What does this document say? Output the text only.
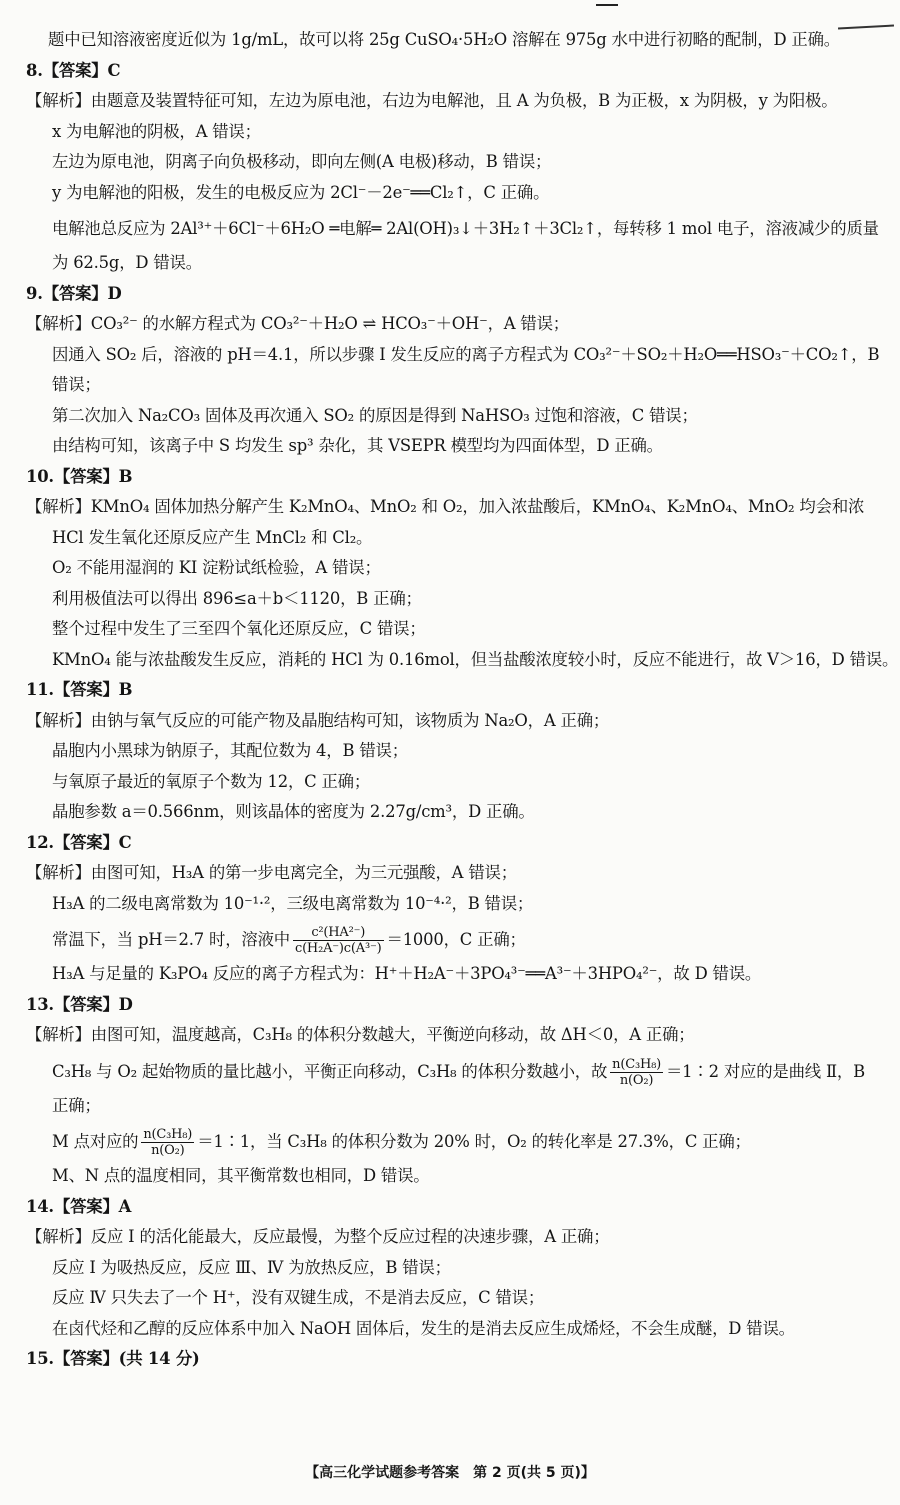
题中已知溶液密度近似为 1g/mL，故可以将 25g CuSO₄·5H₂O 溶解在 975g 水中进行初略的配制，D 正确。
8.【答案】C
【解析】由题意及装置特征可知，左边为原电池，右边为电解池，且 A 为负极，B 为正极，x 为阴极，y 为阳极。
x 为电解池的阴极，A 错误；
左边为原电池，阴离子向负极移动，即向左侧(A 电极)移动，B 错误；
y 为电解池的阳极，发生的电极反应为 2Cl⁻－2e⁻══Cl₂↑，C 正确。
电解池总反应为 2Al³⁺＋6Cl⁻＋6H₂O ═电解═ 2Al(OH)₃↓＋3H₂↑＋3Cl₂↑，每转移 1 mol 电子，溶液减少的质量
为 62.5g，D 错误。
9.【答案】D
【解析】CO₃²⁻ 的水解方程式为 CO₃²⁻＋H₂O ⇌ HCO₃⁻＋OH⁻，A 错误；
因通入 SO₂ 后，溶液的 pH＝4.1，所以步骤 I 发生反应的离子方程式为 CO₃²⁻＋SO₂＋H₂O══HSO₃⁻＋CO₂↑，B
错误；
第二次加入 Na₂CO₃ 固体及再次通入 SO₂ 的原因是得到 NaHSO₃ 过饱和溶液，C 错误；
由结构可知，该离子中 S 均发生 sp³ 杂化，其 VSEPR 模型均为四面体型，D 正确。
10.【答案】B
【解析】KMnO₄ 固体加热分解产生 K₂MnO₄、MnO₂ 和 O₂，加入浓盐酸后，KMnO₄、K₂MnO₄、MnO₂ 均会和浓
HCl 发生氧化还原反应产生 MnCl₂ 和 Cl₂。
O₂ 不能用湿润的 KI 淀粉试纸检验，A 错误；
利用极值法可以得出 896≤a＋b＜1120，B 正确；
整个过程中发生了三至四个氧化还原反应，C 错误；
KMnO₄ 能与浓盐酸发生反应，消耗的 HCl 为 0.16mol，但当盐酸浓度较小时，反应不能进行，故 V＞16，D 错误。
11.【答案】B
【解析】由钠与氧气反应的可能产物及晶胞结构可知，该物质为 Na₂O，A 正确；
晶胞内小黑球为钠原子，其配位数为 4，B 错误；
与氧原子最近的氧原子个数为 12，C 正确；
晶胞参数 a＝0.566nm，则该晶体的密度为 2.27g/cm³，D 正确。
12.【答案】C
【解析】由图可知，H₃A 的第一步电离完全，为三元强酸，A 错误；
H₃A 的二级电离常数为 10⁻¹·²，三级电离常数为 10⁻⁴·²，B 错误；
常温下，当 pH＝2.7 时，溶液中 $\frac{\text{c²(HA²⁻)}}{\text{c(H₂A⁻)c(A³⁻)}} =1000$，C 正确；
H₃A 与足量的 K₃PO₄ 反应的离子方程式为：H⁺＋H₂A⁻＋3PO₄³⁻══A³⁻＋3HPO₄²⁻，故 D 错误。
13.【答案】D
【解析】由图可知，温度越高，C₃H₈ 的体积分数越大，平衡逆向移动，故 ΔH＜0，A 正确；
C₃H₈ 与 O₂ 起始物质的量比越小，平衡正向移动，C₃H₈ 的体积分数越小，故 $\frac{\text{n(C₃H₈)}}{\text{n(O₂)}}$ ＝1∶2 对应的是曲线 Ⅱ，B
正确；
M 点对应的 $\frac{\text{n(C₃H₈)}}{\text{n(O₂)}}$ ＝1∶1，当 C₃H₈ 的体积分数为 20% 时，O₂ 的转化率是 27.3%，C 正确；
M、N 点的温度相同，其平衡常数也相同，D 错误。
14.【答案】A
【解析】反应 Ⅰ 的活化能最大，反应最慢，为整个反应过程的决速步骤，A 正确；
反应 Ⅰ 为吸热反应，反应 Ⅲ、Ⅳ 为放热反应，B 错误；
反应 Ⅳ 只失去了一个 H⁺，没有双键生成，不是消去反应，C 错误；
在卤代烃和乙醇的反应体系中加入 NaOH 固体后，发生的是消去反应生成烯烃，不会生成醚，D 错误。
15.【答案】(共 14 分)
【高三化学试题参考答案　第 2 页(共 5 页)】
